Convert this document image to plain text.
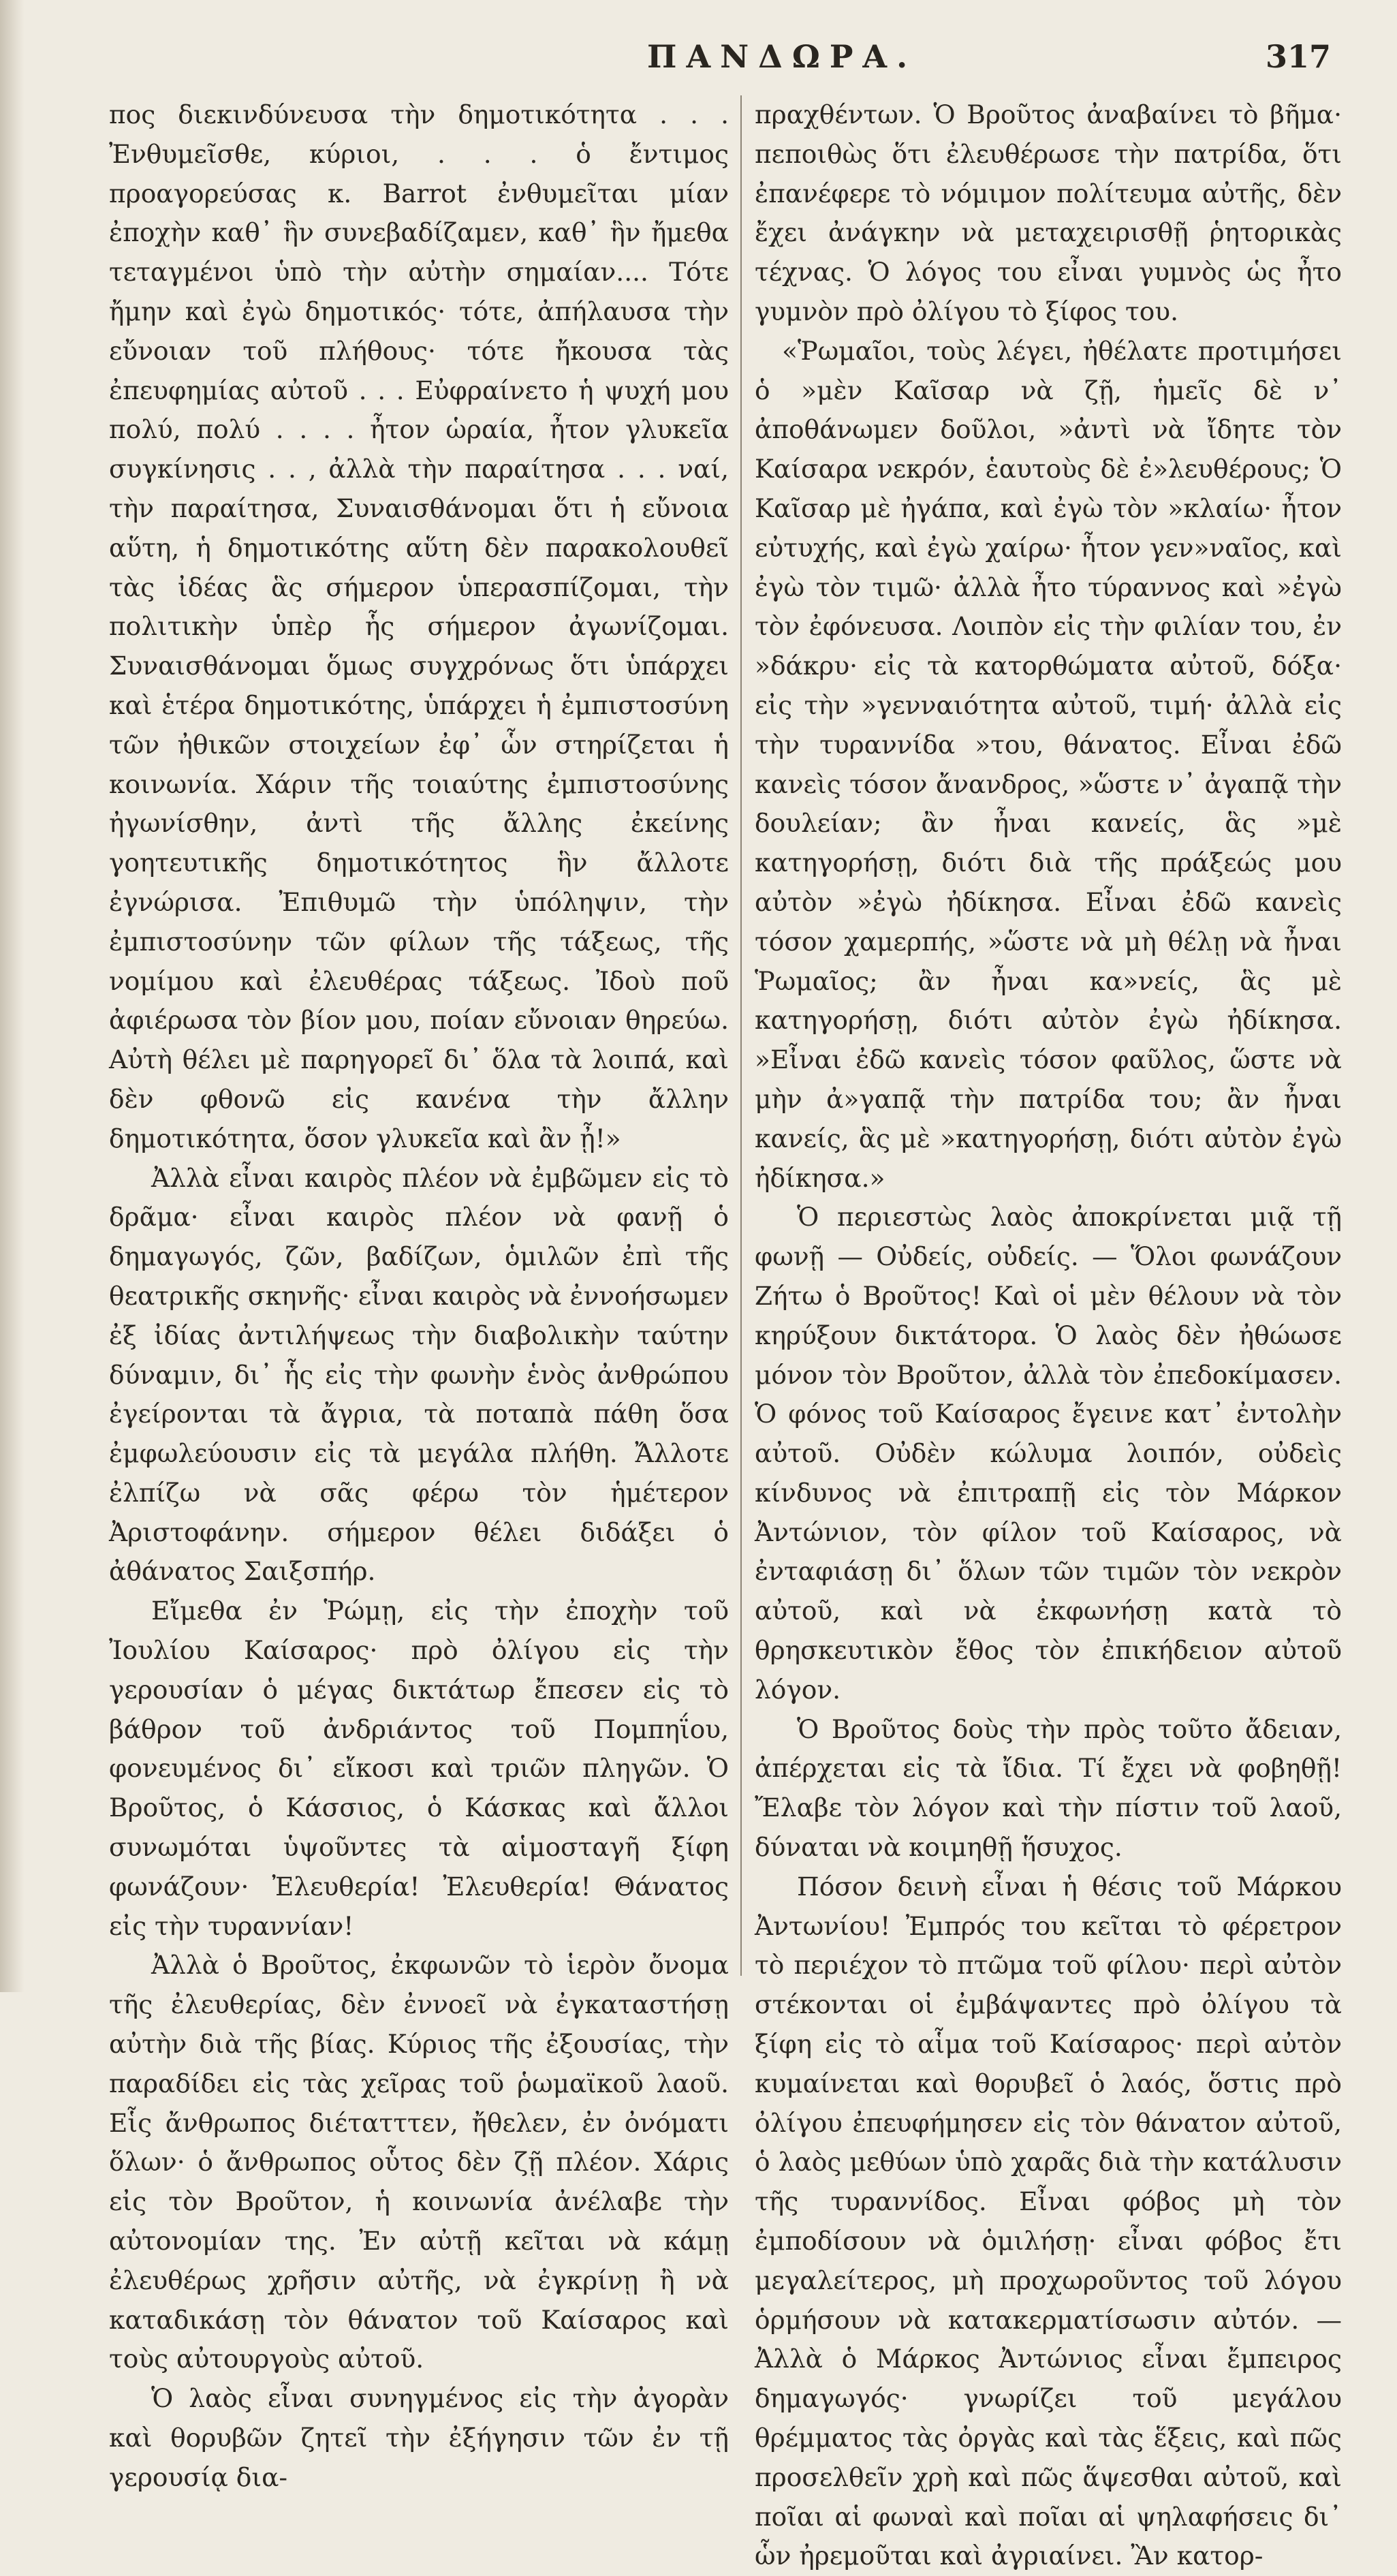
ΠΑΝΔΩΡΑ.	317

πος διεκινδύνευσα τὴν δημοτικότητα . . . Ἐνθυμεῖσθε, κύριοι, . . . ὁ ἔντιμος προαγορεύσας κ. Barrot ἐνθυμεῖται μίαν ἐποχὴν καθ᾽ ἣν συνεβαδίζαμεν, καθ᾽ ἣν ἤμεθα τεταγμένοι ὑπὸ τὴν αὐτὴν σημαίαν.... Τότε ἤμην καὶ ἐγὼ δημοτικός· τότε, ἀπήλαυσα τὴν εὔνοιαν τοῦ πλήθους· τότε ἤκουσα τὰς ἐπευφημίας αὐτοῦ . . . Εὐφραίνετο ἡ ψυχή μου πολύ, πολύ . . . . ἦτον ὡραία, ἦτον γλυκεῖα συγκίνησις . . , ἀλλὰ τὴν παραίτησα . . . ναί, τὴν παραίτησα, Συναισθάνομαι ὅτι ἡ εὔνοια αὕτη, ἡ δημοτικότης αὕτη δὲν παρακολουθεῖ τὰς ἰδέας ἃς σήμερον ὑπερασπίζομαι, τὴν πολιτικὴν ὑπὲρ ἧς σήμερον ἀγωνίζομαι. Συναισθάνομαι ὅμως συγχρόνως ὅτι ὑπάρχει καὶ ἑτέρα δημοτικότης, ὑπάρχει ἡ ἐμπιστοσύνη τῶν ἠθικῶν στοιχείων ἐφ᾽ ὧν στηρίζεται ἡ κοινωνία. Χάριν τῆς τοιαύτης ἐμπιστοσύνης ἠγωνίσθην, ἀντὶ τῆς ἄλλης ἐκείνης γοητευτικῆς δημοτικότητος ἣν ἄλλοτε ἐγνώρισα. Ἐπιθυμῶ τὴν ὑπόληψιν, τὴν ἐμπιστοσύνην τῶν φίλων τῆς τάξεως, τῆς νομίμου καὶ ἐλευθέρας τάξεως. Ἰδοὺ ποῦ ἀφιέρωσα τὸν βίον μου, ποίαν εὔνοιαν θηρεύω. Αὐτὴ θέλει μὲ παρηγορεῖ δι᾽ ὅλα τὰ λοιπά, καὶ δὲν φθονῶ εἰς κανένα τὴν ἄλλην δημοτικότητα, ὅσον γλυκεῖα καὶ ἂν ᾖ!»

Ἀλλὰ εἶναι καιρὸς πλέον νὰ ἐμβῶμεν εἰς τὸ δρᾶμα· εἶναι καιρὸς πλέον νὰ φανῇ ὁ δημαγωγός, ζῶν, βαδίζων, ὁμιλῶν ἐπὶ τῆς θεατρικῆς σκηνῆς· εἶναι καιρὸς νὰ ἐννοήσωμεν ἐξ ἰδίας ἀντιλήψεως τὴν διαβολικὴν ταύτην δύναμιν, δι᾽ ἧς εἰς τὴν φωνὴν ἑνὸς ἀνθρώπου ἐγείρονται τὰ ἄγρια, τὰ ποταπὰ πάθη ὅσα ἐμφωλεύουσιν εἰς τὰ μεγάλα πλήθη. Ἄλλοτε ἐλπίζω νὰ σᾶς φέρω τὸν ἡμέτερον Ἀριστοφάνην. σήμερον θέλει διδάξει ὁ ἀθάνατος Σαιξσπήρ.

Εἴμεθα ἐν Ῥώμῃ, εἰς τὴν ἐποχὴν τοῦ Ἰουλίου Καίσαρος· πρὸ ὀλίγου εἰς τὴν γερουσίαν ὁ μέγας δικτάτωρ ἔπεσεν εἰς τὸ βάθρον τοῦ ἀνδριάντος τοῦ Πομπηΐου, φονευμένος δι᾽ εἴκοσι καὶ τριῶν πληγῶν. Ὁ Βροῦτος, ὁ Κάσσιος, ὁ Κάσκας καὶ ἄλλοι συνωμόται ὑψοῦντες τὰ αἱμοσταγῆ ξίφη φωνάζουν· Ἐλευθερία! Ἐλευθερία! Θάνατος εἰς τὴν τυραννίαν!

Ἀλλὰ ὁ Βροῦτος, ἐκφωνῶν τὸ ἱερὸν ὄνομα τῆς ἐλευθερίας, δὲν ἐννοεῖ νὰ ἐγκαταστήσῃ αὐτὴν διὰ τῆς βίας. Κύριος τῆς ἐξουσίας, τὴν παραδίδει εἰς τὰς χεῖρας τοῦ ῥωμαϊκοῦ λαοῦ. Εἷς ἄνθρωπος διέτατττεν, ἤθελεν, ἐν ὀνόματι ὅλων· ὁ ἄνθρωπος οὗτος δὲν ζῇ πλέον. Χάρις εἰς τὸν Βροῦτον, ἡ κοινωνία ἀνέλαβε τὴν αὐτονομίαν της. Ἐν αὐτῇ κεῖται νὰ κάμῃ ἐλευθέρως χρῆσιν αὐτῆς, νὰ ἐγκρίνῃ ἢ νὰ καταδικάσῃ τὸν θάνατον τοῦ Καίσαρος καὶ τοὺς αὐτουργοὺς αὐτοῦ.

Ὁ λαὸς εἶναι συνηγμένος εἰς τὴν ἀγορὰν καὶ θορυβῶν ζητεῖ τὴν ἐξήγησιν τῶν ἐν τῇ γερουσίᾳ δια-

πραχθέντων. Ὁ Βροῦτος ἀναβαίνει τὸ βῆμα· πεποιθὼς ὅτι ἐλευθέρωσε τὴν πατρίδα, ὅτι ἐπανέφερε τὸ νόμιμον πολίτευμα αὐτῆς, δὲν ἔχει ἀνάγκην νὰ μεταχειρισθῇ ῥητορικὰς τέχνας. Ὁ λόγος του εἶναι γυμνὸς ὡς ἦτο γυμνὸν πρὸ ὀλίγου τὸ ξίφος του.

«Ῥωμαῖοι, τοὺς λέγει, ἠθέλατε προτιμήσει ὁ »μὲν Καῖσαρ νὰ ζῇ, ἡμεῖς δὲ ν᾽ ἀποθάνωμεν δοῦλοι, »ἀντὶ νὰ ἴδητε τὸν Καίσαρα νεκρόν, ἑαυτοὺς δὲ ἐ»λευθέρους; Ὁ Καῖσαρ μὲ ἠγάπα, καὶ ἐγὼ τὸν »κλαίω· ἦτον εὐτυχής, καὶ ἐγὼ χαίρω· ἦτον γεν»ναῖος, καὶ ἐγὼ τὸν τιμῶ· ἀλλὰ ἦτο τύραννος καὶ »ἐγὼ τὸν ἐφόνευσα. Λοιπὸν εἰς τὴν φιλίαν του, ἐν »δάκρυ· εἰς τὰ κατορθώματα αὐτοῦ, δόξα· εἰς τὴν »γενναιότητα αὐτοῦ, τιμή· ἀλλὰ εἰς τὴν τυραννίδα »του, θάνατος. Εἶναι ἐδῶ κανεὶς τόσον ἄνανδρος, »ὥστε ν᾽ ἀγαπᾷ τὴν δουλείαν; ἂν ἦναι κανείς, ἃς »μὲ κατηγορήσῃ, διότι διὰ τῆς πράξεώς μου αὐτὸν »ἐγὼ ἠδίκησα. Εἶναι ἐδῶ κανεὶς τόσον χαμερπής, »ὥστε νὰ μὴ θέλῃ νὰ ἦναι Ῥωμαῖος; ἂν ἦναι κα»νείς, ἃς μὲ κατηγορήσῃ, διότι αὐτὸν ἐγὼ ἠδίκησα. »Εἶναι ἐδῶ κανεὶς τόσον φαῦλος, ὥστε νὰ μὴν ἀ»γαπᾷ τὴν πατρίδα του; ἂν ἦναι κανείς, ἃς μὲ »κατηγορήσῃ, διότι αὐτὸν ἐγὼ ἠδίκησα.»

Ὁ περιεστὼς λαὸς ἀποκρίνεται μιᾷ τῇ φωνῇ — Οὐδείς, οὐδείς. — Ὅλοι φωνάζουν Ζήτω ὁ Βροῦτος! Καὶ οἱ μὲν θέλουν νὰ τὸν κηρύξουν δικτάτορα. Ὁ λαὸς δὲν ἠθώωσε μόνον τὸν Βροῦτον, ἀλλὰ τὸν ἐπεδοκίμασεν. Ὁ φόνος τοῦ Καίσαρος ἔγεινε κατ᾽ ἐντολὴν αὐτοῦ. Οὐδὲν κώλυμα λοιπόν, οὐδεὶς κίνδυνος νὰ ἐπιτραπῇ εἰς τὸν Μάρκον Ἀντώνιον, τὸν φίλον τοῦ Καίσαρος, νὰ ἐνταφιάσῃ δι᾽ ὅλων τῶν τιμῶν τὸν νεκρὸν αὐτοῦ, καὶ νὰ ἐκφωνήσῃ κατὰ τὸ θρησκευτικὸν ἔθος τὸν ἐπικήδειον αὐτοῦ λόγον.

Ὁ Βροῦτος δοὺς τὴν πρὸς τοῦτο ἄδειαν, ἀπέρχεται εἰς τὰ ἴδια. Τί ἔχει νὰ φοβηθῇ! Ἔλαβε τὸν λόγον καὶ τὴν πίστιν τοῦ λαοῦ, δύναται νὰ κοιμηθῇ ἥσυχος.

Πόσον δεινὴ εἶναι ἡ θέσις τοῦ Μάρκου Ἀντωνίου! Ἐμπρός του κεῖται τὸ φέρετρον τὸ περιέχον τὸ πτῶμα τοῦ φίλου· περὶ αὐτὸν στέκονται οἱ ἐμβάψαντες πρὸ ὀλίγου τὰ ξίφη εἰς τὸ αἷμα τοῦ Καίσαρος· περὶ αὐτὸν κυμαίνεται καὶ θορυβεῖ ὁ λαός, ὅστις πρὸ ὀλίγου ἐπευφήμησεν εἰς τὸν θάνατον αὐτοῦ, ὁ λαὸς μεθύων ὑπὸ χαρᾶς διὰ τὴν κατάλυσιν τῆς τυραννίδος. Εἶναι φόβος μὴ τὸν ἐμποδίσουν νὰ ὁμιλήσῃ· εἶναι φόβος ἔτι μεγαλείτερος, μὴ προχωροῦντος τοῦ λόγου ὁρμήσουν νὰ κατακερματίσωσιν αὐτόν. — Ἀλλὰ ὁ Μάρκος Ἀντώνιος εἶναι ἔμπειρος δημαγωγός· γνωρίζει τοῦ μεγάλου θρέμματος τὰς ὀργὰς καὶ τὰς ἕξεις, καὶ πῶς προσελθεῖν χρὴ καὶ πῶς ἅψεσθαι αὐτοῦ, καὶ ποῖαι αἱ φωναὶ καὶ ποῖαι αἱ ψηλαφήσεις δι᾽ ὧν ἠρεμοῦται καὶ ἀγριαίνει. Ἂν κατορ-
